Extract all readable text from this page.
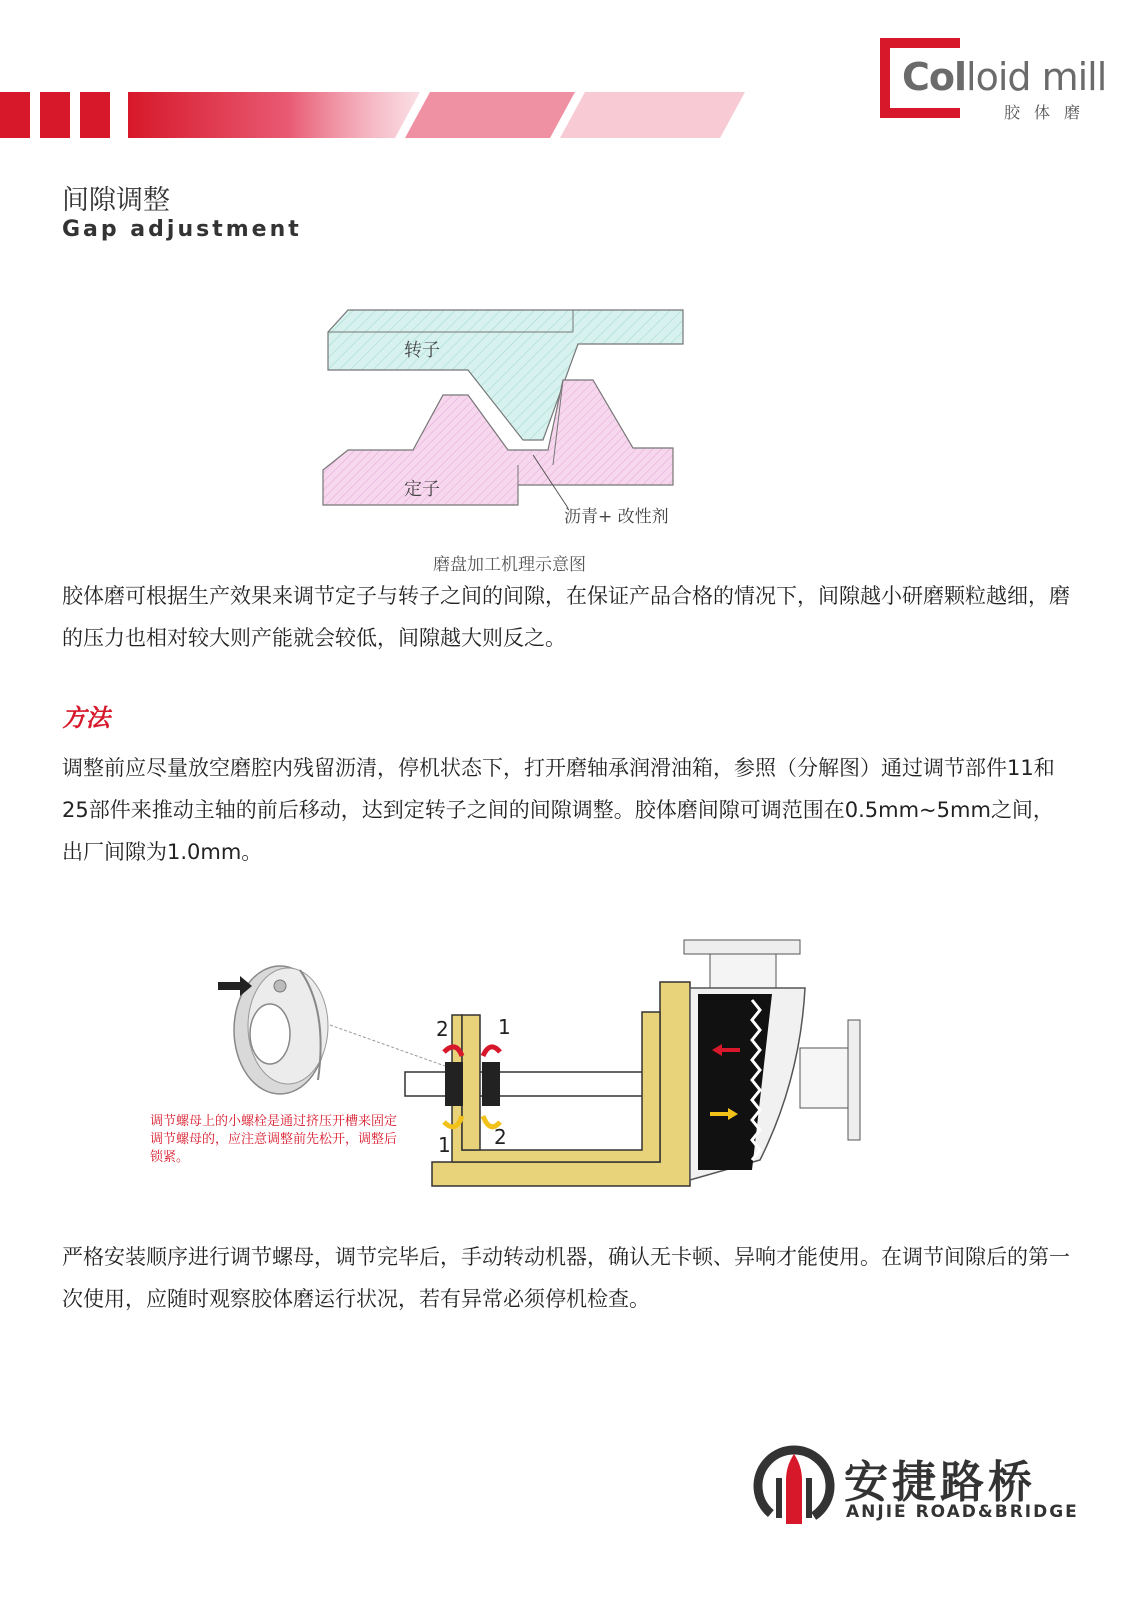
Colloid mill
胶体磨
间隙调整
Gap adjustment
转子
定子
沥青+ 改性剂
磨盘加工机理示意图
胶体磨可根据生产效果来调节定子与转子之间的间隙，在保证产品合格的情况下，间隙越小研磨颗粒越细，磨的压力也相对较大则产能就会较低，间隙越大则反之。
方法
调整前应尽量放空磨腔内残留沥清，停机状态下，打开磨轴承润滑油箱，参照（分解图）通过调节部件11和25部件来推动主轴的前后移动，达到定转子之间的间隙调整。胶体磨间隙可调范围在0.5mm~5mm之间，出厂间隙为1.0mm。
2 1
1 2
调节螺母上的小螺栓是通过挤压开槽来固定调节螺母的，应注意调整前先松开，调整后锁紧。
严格安装顺序进行调节螺母，调节完毕后，手动转动机器，确认无卡顿、异响才能使用。在调节间隙后的第一次使用，应随时观察胶体磨运行状况，若有异常必须停机检查。
安捷路桥
ANJIE ROAD&BRIDGE
